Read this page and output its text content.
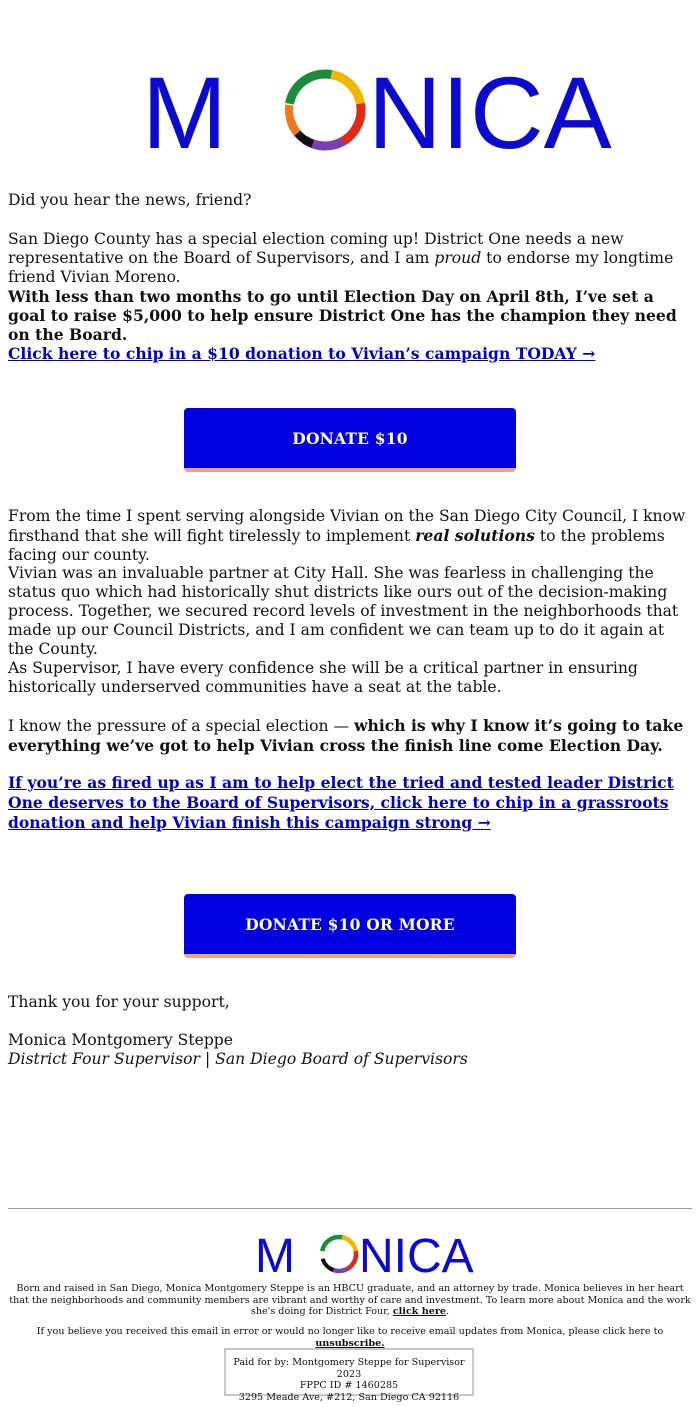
M NICA

Did you hear the news, friend?

San Diego County has a special election coming up! District One needs a new representative on the Board of Supervisors, and I am proud to endorse my longtime friend Vivian Moreno.

With less than two months to go until Election Day on April 8th, I’ve set a goal to raise $5,000 to help ensure District One has the champion they need on the Board.

Click here to chip in a $10 donation to Vivian’s campaign TODAY →
DONATE $10

From the time I spent serving alongside Vivian on the San Diego City Council, I know firsthand that she will fight tirelessly to implement real solutions to the problems facing our county.

Vivian was an invaluable partner at City Hall. She was fearless in challenging the status quo which had historically shut districts like ours out of the decision-making process. Together, we secured record levels of investment in the neighborhoods that made up our Council Districts, and I am confident we can team up to do it again at the County.

As Supervisor, I have every confidence she will be a critical partner in ensuring historically underserved communities have a seat at the table.

I know the pressure of a special election — which is why I know it’s going to take everything we’ve got to help Vivian cross the finish line come Election Day.

If you’re as fired up as I am to help elect the tried and tested leader District One deserves to the Board of Supervisors, click here to chip in a grassroots donation and help Vivian finish this campaign strong →
DONATE $10 OR MORE

Thank you for your support,

Monica Montgomery Steppe

District Four Supervisor | San Diego Board of Supervisors

M NICA

Born and raised in San Diego, Monica Montgomery Steppe is an HBCU graduate, and an attorney by trade. Monica believes in her heart that the neighborhoods and community members are vibrant and worthy of care and investment. To learn more about Monica and the work she's doing for District Four, click here.

If you believe you received this email in error or would no longer like to receive email updates from Monica, please click here to unsubscribe.

Paid for by: Montgomery Steppe for Supervisor 2023
FPPC ID # 1460285
3295 Meade Ave, #212, San Diego CA 92116
